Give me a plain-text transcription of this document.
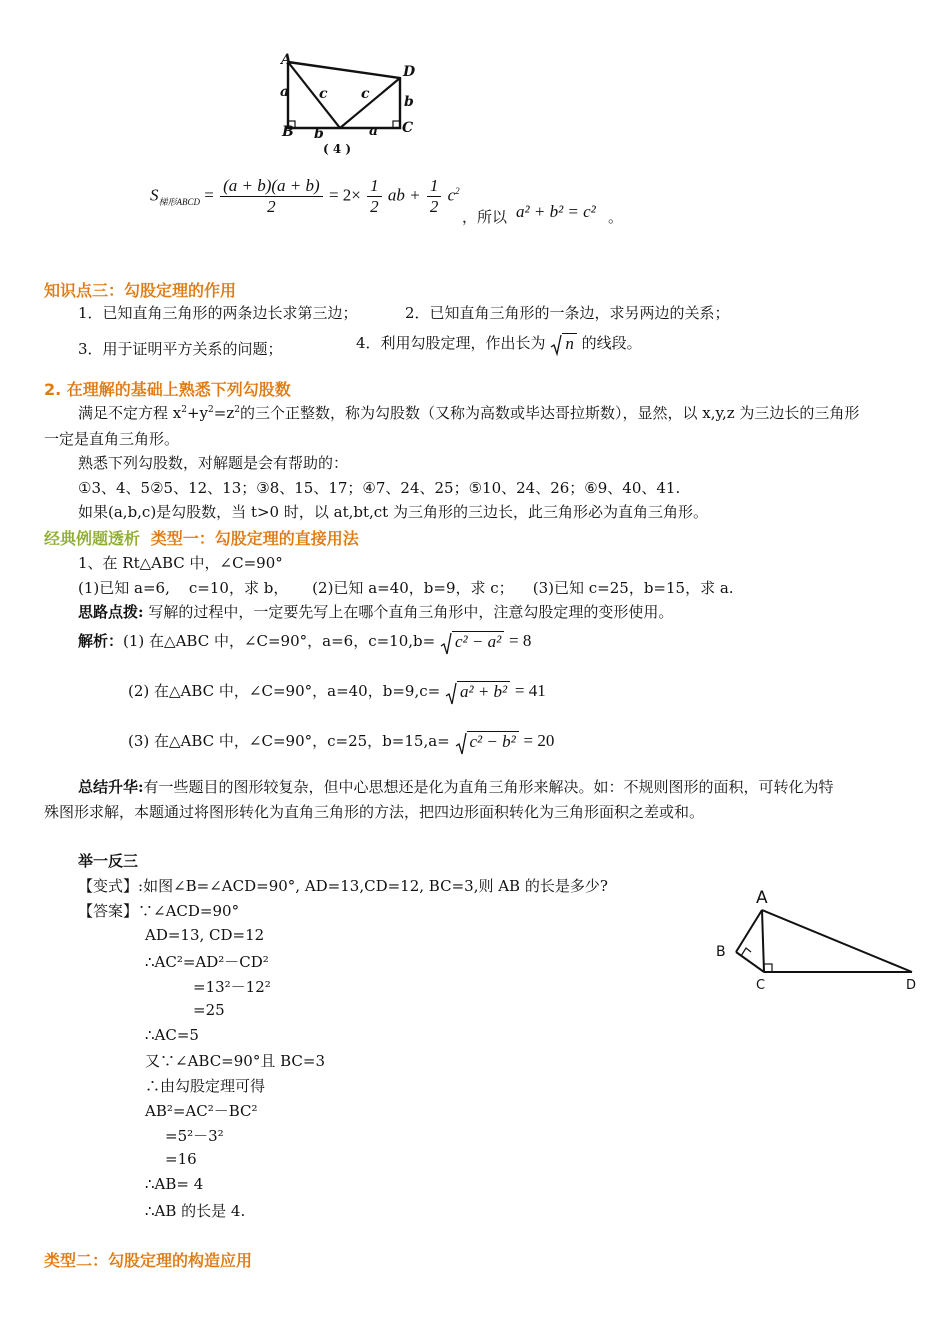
A
D
B	C
a c c b
b	a
( 4 )
$S_{梯形ABCD} = \frac{(a + b)(a + b)}{2} = 2\times \frac{1}{2}$ ab + $\frac{1}{2} c^2$
，所以 a² + b² = c² 。
知识点三：勾股定理的作用
1．已知直角三角形的两条边长求第三边；	2．已知直角三角形的一条边，求另两边的关系；
3．用于证明平方关系的问题；	4．利用勾股定理，作出长为 n 的线段。
2. 在理解的基础上熟悉下列勾股数
满足不定方程 $x^2+y^2=z^2$的三个正整数，称为勾股数（又称为高数或毕达哥拉斯数），显然，以 x,y,z 为三边长的三角形
一定是直角三角形。
熟悉下列勾股数，对解题是会有帮助的：
①3、4、5②5、12、13；③8、15、17；④7、24、25；⑤10、24、26；⑥9、40、41.
如果(a,b,c)是勾股数，当 t>0 时，以 at,bt,ct 为三角形的三边长，此三角形必为直角三角形。
经典例题透析 类型一：勾股定理的直接用法
1、在 Rt△ABC 中，∠C=90°
(1)已知 a=6,    c=10，求 b，     (2)已知 a=40，b=9，求 c；    (3)已知 c=25，b=15，求 a.
思路点拨: 写解的过程中，一定要先写上在哪个直角三角形中，注意勾股定理的变形使用。
解析：(1) 在△ABC 中，∠C=90°，a=6，c=10,b= c² − a² = 8
(2) 在△ABC 中，∠C=90°，a=40，b=9,c= a² + b² = 41
(3) 在△ABC 中，∠C=90°，c=25，b=15,a= c² − b² = 20
总结升华:有一些题目的图形较复杂，但中心思想还是化为直角三角形来解决。如：不规则图形的面积，可转化为特
殊图形求解，本题通过将图形转化为直角三角形的方法，把四边形面积转化为三角形面积之差或和。
举一反三
【变式】:如图∠B=∠ACD=90°, AD=13,CD=12, BC=3,则 AB 的长是多少?
【答案】∵∠ACD=90°
AD=13, CD=12
∴AC²=AD²－CD²
=13²－12²
=25
∴AC=5
又∵∠ABC=90°且 BC=3
∴由勾股定理可得
AB²=AC²－BC²
=5²－3²
=16
∴AB= 4
∴AB 的长是 4.
A
B
C	D
类型二：勾股定理的构造应用
